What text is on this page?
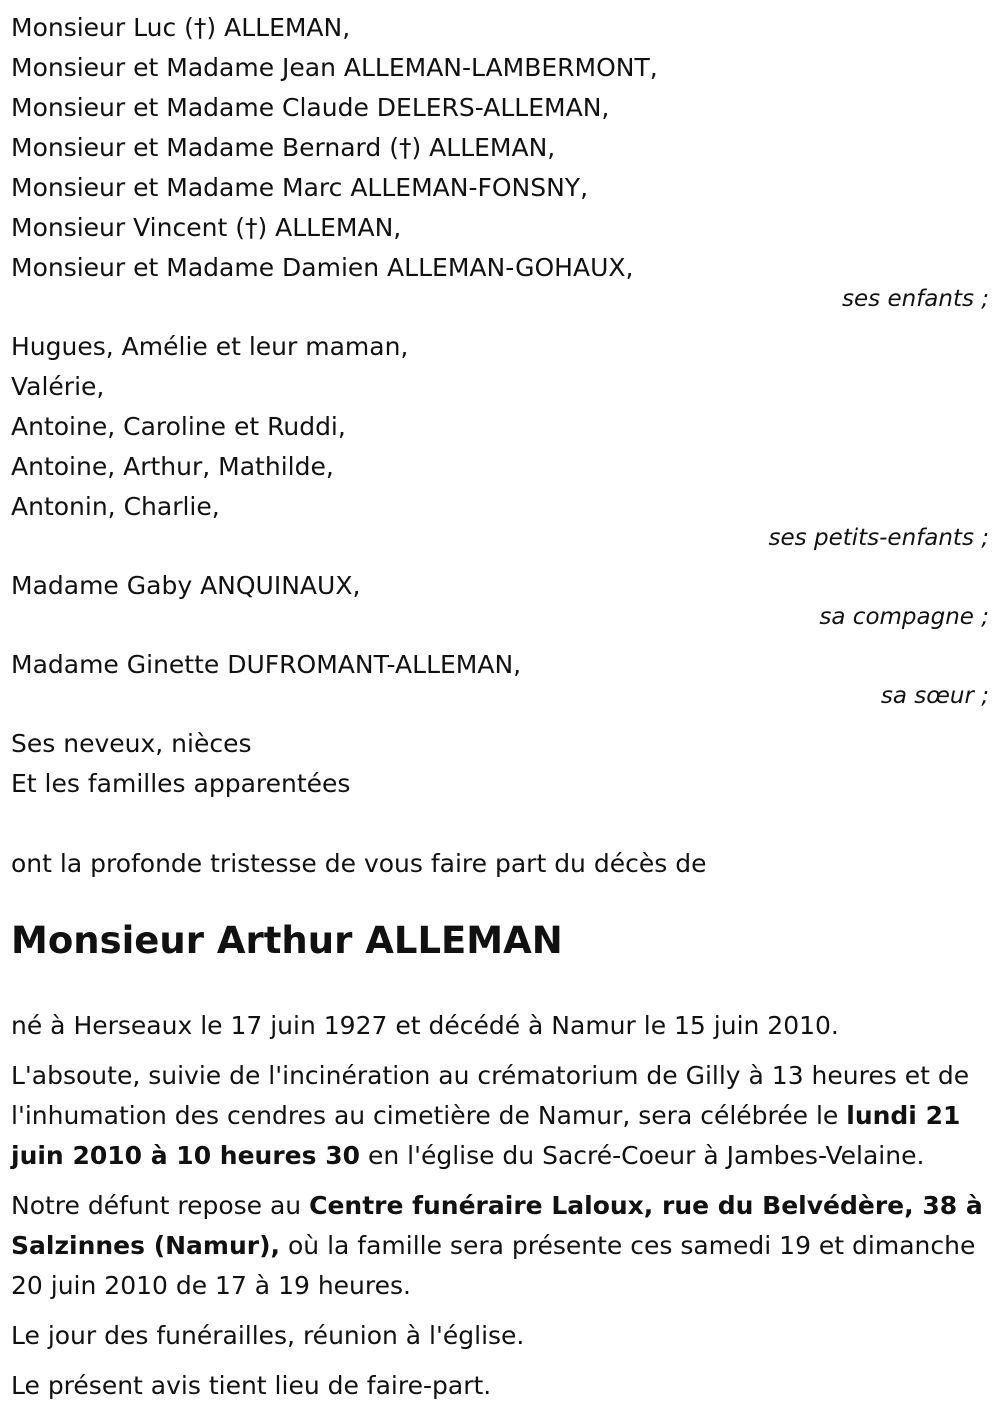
Monsieur Luc (†) ALLEMAN,
Monsieur et Madame Jean ALLEMAN-LAMBERMONT,
Monsieur et Madame Claude DELERS-ALLEMAN,
Monsieur et Madame Bernard (†) ALLEMAN,
Monsieur et Madame Marc ALLEMAN-FONSNY,
Monsieur Vincent (†) ALLEMAN,
Monsieur et Madame Damien ALLEMAN-GOHAUX,
ses enfants ;
Hugues, Amélie et leur maman,
Valérie,
Antoine, Caroline et Ruddi,
Antoine, Arthur, Mathilde,
Antonin, Charlie,
ses petits-enfants ;
Madame Gaby ANQUINAUX,
sa compagne ;
Madame Ginette DUFROMANT-ALLEMAN,
sa sœur ;
Ses neveux, nièces
Et les familles apparentées
ont la profonde tristesse de vous faire part du décès de
Monsieur Arthur ALLEMAN

né à Herseaux le 17 juin 1927 et décédé à Namur le 15 juin 2010.

L'absoute, suivie de l'incinération au crématorium de Gilly à 13 heures et de l'inhumation des cendres au cimetière de Namur, sera célébrée le lundi 21 juin 2010 à 10 heures 30 en l'église du Sacré-Coeur à Jambes-Velaine.

Notre défunt repose au Centre funéraire Laloux, rue du Belvédère, 38 à Salzinnes (Namur), où la famille sera présente ces samedi 19 et dimanche 20 juin 2010 de 17 à 19 heures.

Le jour des funérailles, réunion à l'église.

Le présent avis tient lieu de faire-part.
